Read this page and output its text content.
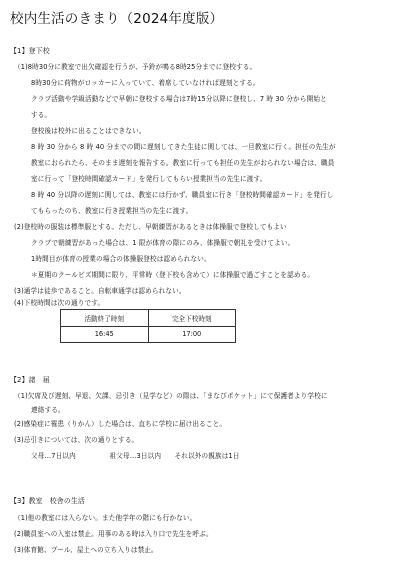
校内生活のきまり（2024年度版）
【1】登下校
（1)8時30分に教室で出欠確認を行うが、予鈴が鳴る8時25分までに登校する。
8時30分に荷物がロッカーに入っていて、着席していなければ遅刻とする。
クラブ活動や学級活動などで早朝に登校する場合は7時15分以降に登校し、7 時 30 分から開始と
する。
登校後は校外に出ることはできない。
8 時 30 分から 8 時 40 分までの間に遅刻してきた生徒に関しては、一旦教室に行く。担任の先生が
教室におられたら、そのまま遅刻を報告する。教室に行っても担任の先生がおられない場合は、職員
室に行って「登校時間確認カード」を発行してもらい授業担当の先生に渡す。
8 時 40 分以降の遅刻に関しては、教室には行かず、職員室に行き「登校時間確認カード」を発行し
てもらったのち、教室に行き授業担当の先生に渡す。
(2)登校時の服装は標準服とする。ただし、早朝練習があるときは体操服で登校してもよい
クラブで朝練習があった場合は、1 限が体育の際にのみ、体操服で朝礼を受けてよい。
1時間目が体育の授業の場合の体操服登校は認められない。
＊夏期のクールビズ期間に限り、平常時（登下校も含めて）に体操服で過ごすことを認める。
(3)通学は徒歩であること。自転車通学は認められない。
(4)下校時間は次の通りです。
活動終了時刻	完全下校時刻
16:45	17:00
【2】諸　届
（1)欠席及び遅刻、早退、欠課、忌引き（見学など）の際は、「まなびポケット」にて保護者より学校に
連絡する。
(2)感染症に罹患（りかん）した場合は、直ちに学校に届け出ること。
(3)忌引きについては、次の通りとする。
父母…7日以内　　　　　祖父母…3日以内　　それ以外の親族は1日
【3】教室　校舎の生活
（1)他の教室には入らない。また他学年の階にも行かない。
(2)職員室への入室は禁止。用事のある時は入り口で先生を呼ぶ。
(3)体育館、プール、屋上への立ち入りは禁止。
